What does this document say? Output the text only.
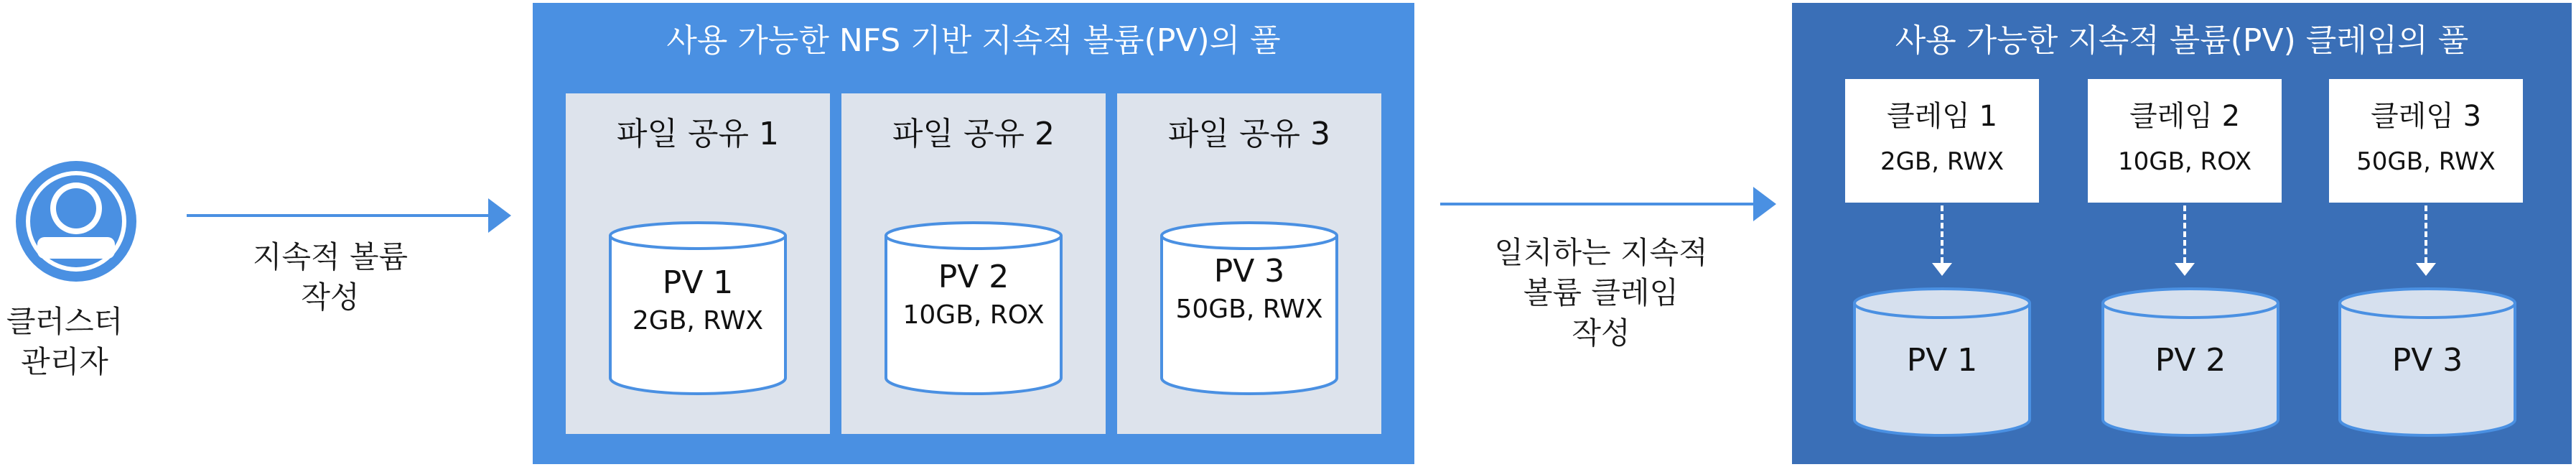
클러스터
관리자
지속적 볼륨
작성
사용 가능한 NFS 기반 지속적 볼륨(PV)의 풀
파일 공유 1	파일 공유 2	파일 공유 3
PV 1
2GB, RWX
PV 2
10GB, ROX
PV 3
50GB, RWX
일치하는 지속적
볼륨 클레임
작성
사용 가능한 지속적 볼륨(PV) 클레임의 풀
클레임 1
2GB, RWX
클레임 2
10GB, ROX
클레임 3
50GB, RWX
PV 1	PV 2	PV 3
